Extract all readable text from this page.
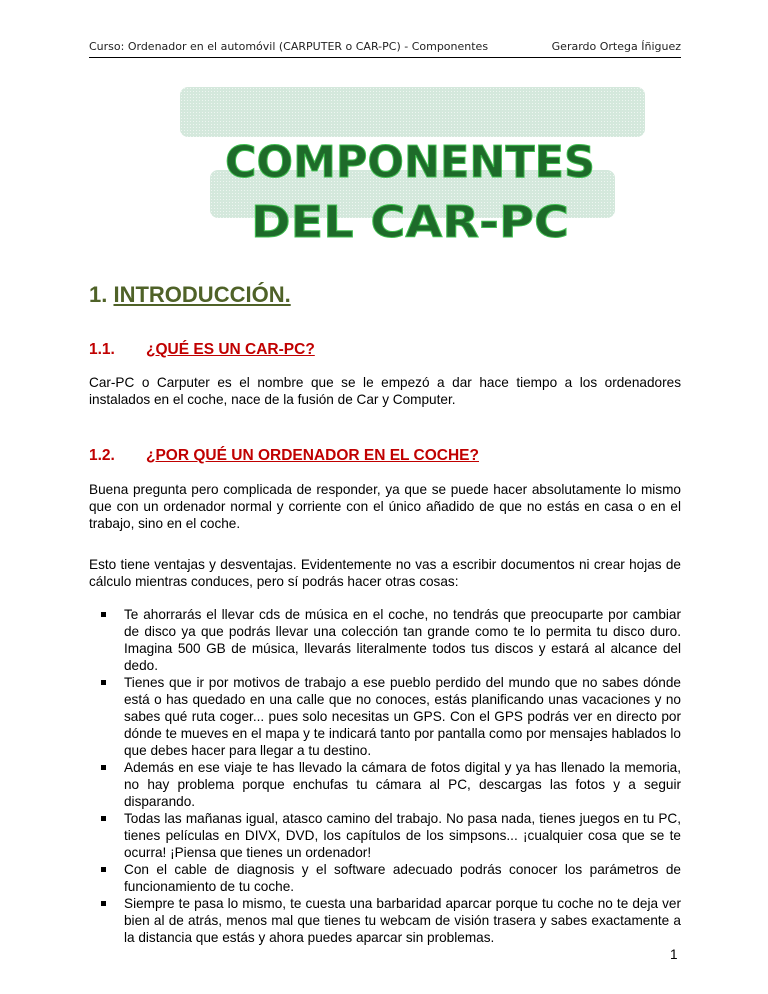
Curso: Ordenador en el automóvil (CARPUTER o CAR-PC) - Componentes	Gerardo Ortega Íñiguez
COMPONENTES
DEL CAR-PC
1. INTRODUCCIÓN.
1.1. ¿QUÉ ES UN CAR-PC?
Car-PC o Carputer es el nombre que se le empezó a dar hace tiempo a los ordenadores instalados en el coche, nace de la fusión de Car y Computer.
1.2. ¿POR QUÉ UN ORDENADOR EN EL COCHE?
Buena pregunta pero complicada de responder, ya que se puede hacer absolutamente lo mismo que con un ordenador normal y corriente con el único añadido de que no estás en casa o en el trabajo, sino en el coche.
Esto tiene ventajas y desventajas. Evidentemente no vas a escribir documentos ni crear hojas de cálculo mientras conduces, pero sí podrás hacer otras cosas:
Te ahorrarás el llevar cds de música en el coche, no tendrás que preocuparte por cambiar de disco ya que podrás llevar una colección tan grande como te lo permita tu disco duro. Imagina 500 GB de música, llevarás literalmente todos tus discos y estará al alcance del dedo.
Tienes que ir por motivos de trabajo a ese pueblo perdido del mundo que no sabes dónde está o has quedado en una calle que no conoces, estás planificando unas vacaciones y no sabes qué ruta coger... pues solo necesitas un GPS. Con el GPS podrás ver en directo por dónde te mueves en el mapa y te indicará tanto por pantalla como por mensajes hablados lo que debes hacer para llegar a tu destino.
Además en ese viaje te has llevado la cámara de fotos digital y ya has llenado la memoria, no hay problema porque enchufas tu cámara al PC, descargas las fotos y a seguir disparando.
Todas las mañanas igual, atasco camino del trabajo. No pasa nada, tienes juegos en tu PC, tienes películas en DIVX, DVD, los capítulos de los simpsons... ¡cualquier cosa que se te ocurra! ¡Piensa que tienes un ordenador!
Con el cable de diagnosis y el software adecuado podrás conocer los parámetros de funcionamiento de tu coche.
Siempre te pasa lo mismo, te cuesta una barbaridad aparcar porque tu coche no te deja ver bien al de atrás, menos mal que tienes tu webcam de visión trasera y sabes exactamente a la distancia que estás y ahora puedes aparcar sin problemas.
1
